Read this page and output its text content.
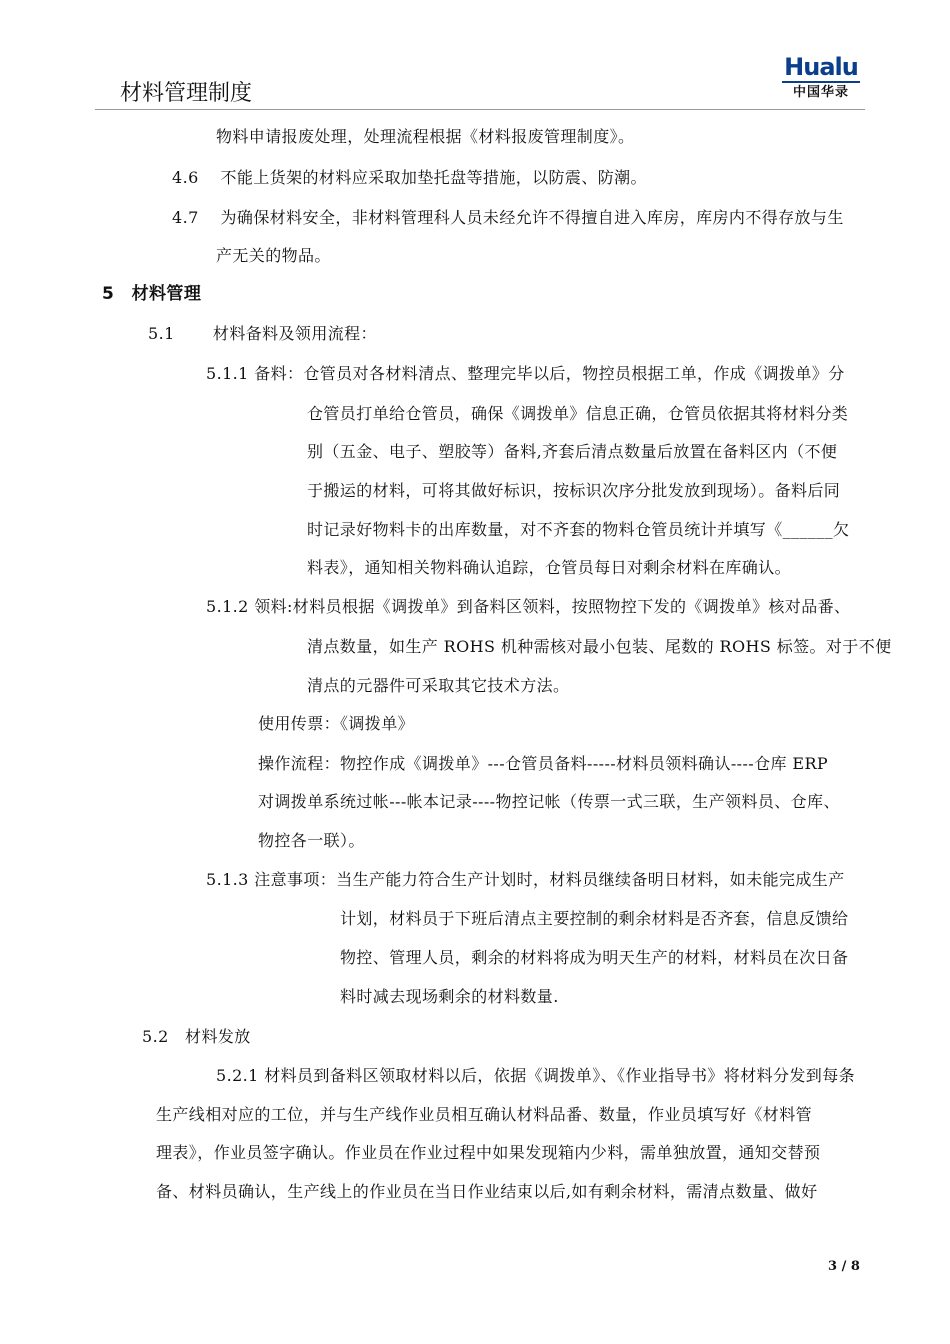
材料管理制度
Hualu
中国华录
物料申请报废处理，处理流程根据《材料报废管理制度》。
4.6　 不能上货架的材料应采取加垫托盘等措施，以防震、防潮。
4.7　 为确保材料安全，非材料管理科人员未经允许不得擅自进入库房，库房内不得存放与生
产无关的物品。
5　材料管理
5.1　　 材料备料及领用流程：
5.1.1 备料：仓管员对各材料清点、整理完毕以后，物控员根据工单，作成《调拨单》分
仓管员打单给仓管员，确保《调拨单》信息正确，仓管员依据其将材料分类
别（五金、电子、塑胶等）备料,齐套后清点数量后放置在备料区内（不便
于搬运的材料，可将其做好标识，按标识次序分批发放到现场）。备料后同
时记录好物料卡的出库数量，对不齐套的物料仓管员统计并填写《______欠
料表》，通知相关物料确认追踪，仓管员每日对剩余材料在库确认。
5.1.2 领料:材料员根据《调拨单》到备料区领料，按照物控下发的《调拨单》核对品番、
清点数量，如生产 ROHS 机种需核对最小包装、尾数的 ROHS 标签。对于不便
清点的元器件可采取其它技术方法。
使用传票：《调拨单》
操作流程：物控作成《调拨单》---仓管员备料-----材料员领料确认----仓库 ERP
对调拨单系统过帐---帐本记录----物控记帐（传票一式三联，生产领料员、仓库、
物控各一联）。
5.1.3 注意事项：当生产能力符合生产计划时，材料员继续备明日材料，如未能完成生产
计划，材料员于下班后清点主要控制的剩余材料是否齐套，信息反馈给
物控、管理人员，剩余的材料将成为明天生产的材料，材料员在次日备
料时减去现场剩余的材料数量.
5.2　材料发放
5.2.1 材料员到备料区领取材料以后，依据《调拨单》、《作业指导书》将材料分发到每条
生产线相对应的工位，并与生产线作业员相互确认材料品番、数量，作业员填写好《材料管
理表》，作业员签字确认。作业员在作业过程中如果发现箱内少料，需单独放置，通知交替预
备、材料员确认，生产线上的作业员在当日作业结束以后,如有剩余材料，需清点数量、做好
3 / 8
